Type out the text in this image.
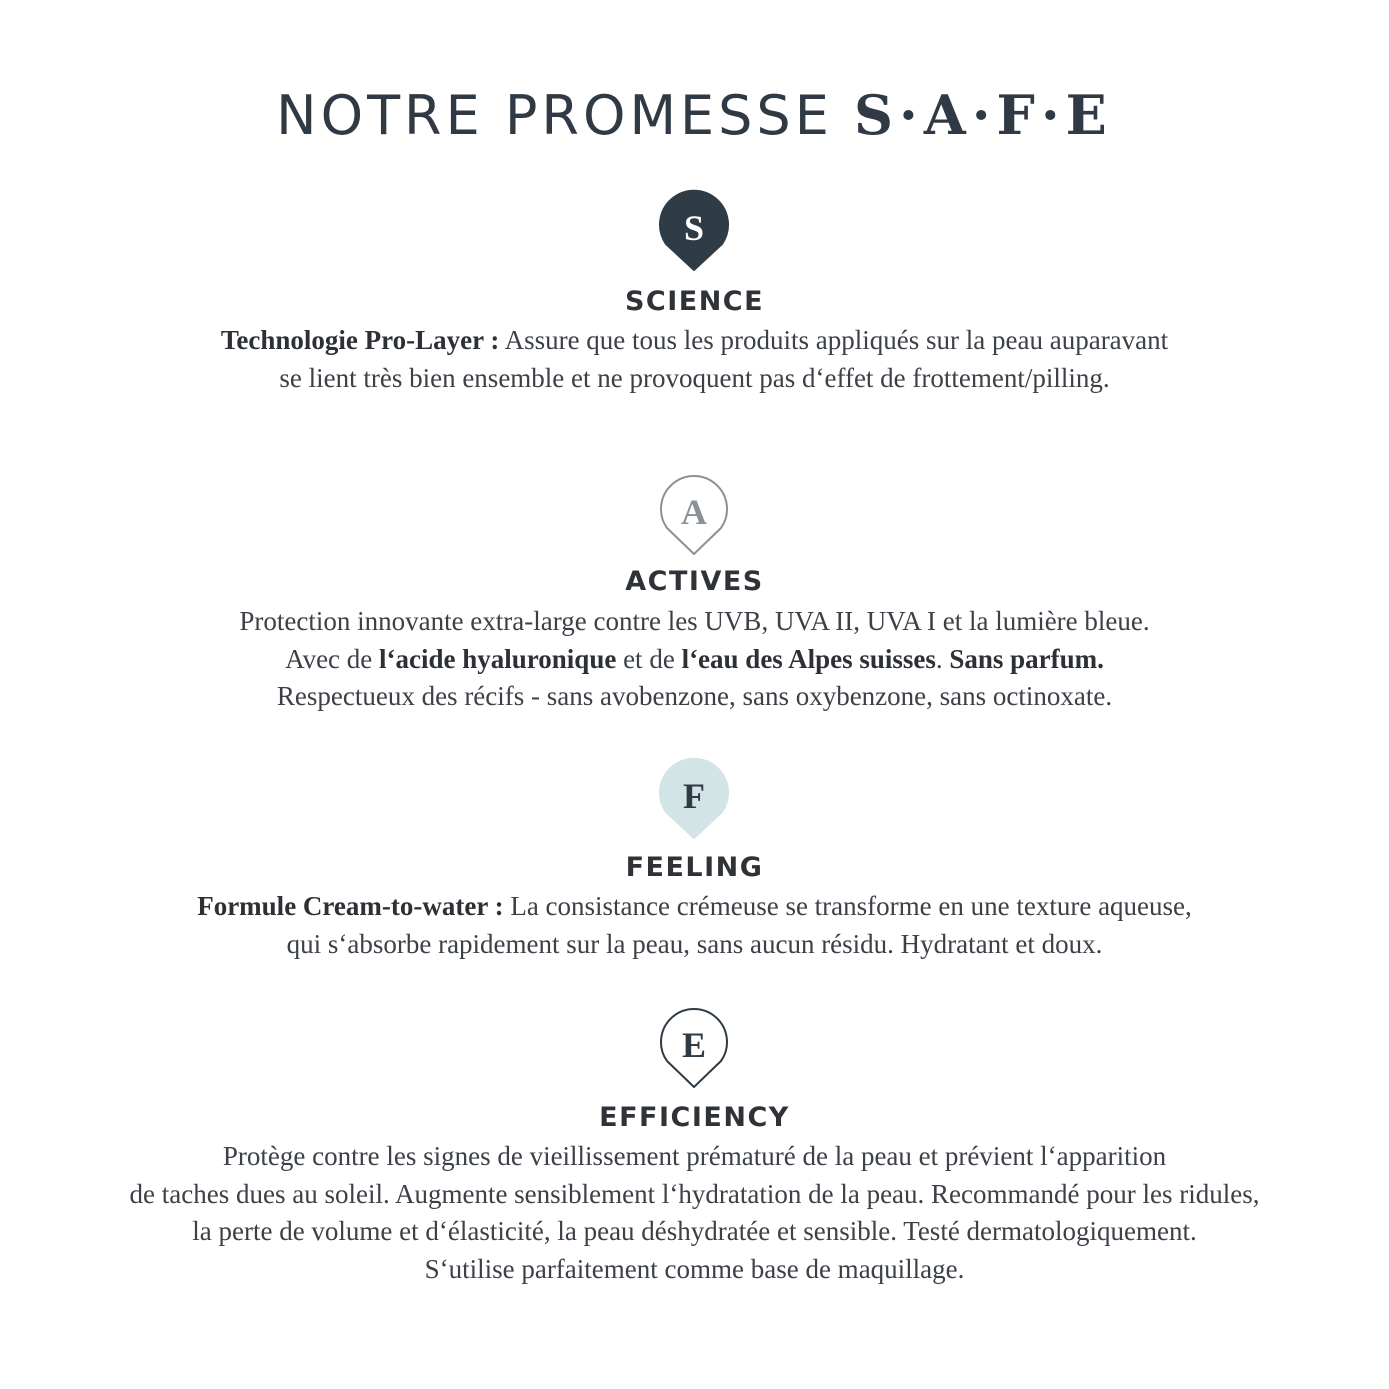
NOTRE PROMESSE S·A·F·E
S
SCIENCE

Technologie Pro-Layer : Assure que tous les produits appliqués sur la peau auparavant

se lient très bien ensemble et ne provoquent pas d‘effet de frottement/pilling.

A
ACTIVES

Protection innovante extra-large contre les UVB, UVA II, UVA I et la lumière bleue.

Avec de l‘acide hyaluronique et de l‘eau des Alpes suisses. Sans parfum.

Respectueux des récifs - sans avobenzone, sans oxybenzone, sans octinoxate.

F
FEELING

Formule Cream-to-water : La consistance crémeuse se transforme en une texture aqueuse,

qui s‘absorbe rapidement sur la peau, sans aucun résidu. Hydratant et doux.

E
EFFICIENCY

Protège contre les signes de vieillissement prématuré de la peau et prévient l‘apparition

de taches dues au soleil. Augmente sensiblement l‘hydratation de la peau. Recommandé pour les ridules,

la perte de volume et d‘élasticité, la peau déshydratée et sensible. Testé dermatologiquement.

S‘utilise parfaitement comme base de maquillage.
